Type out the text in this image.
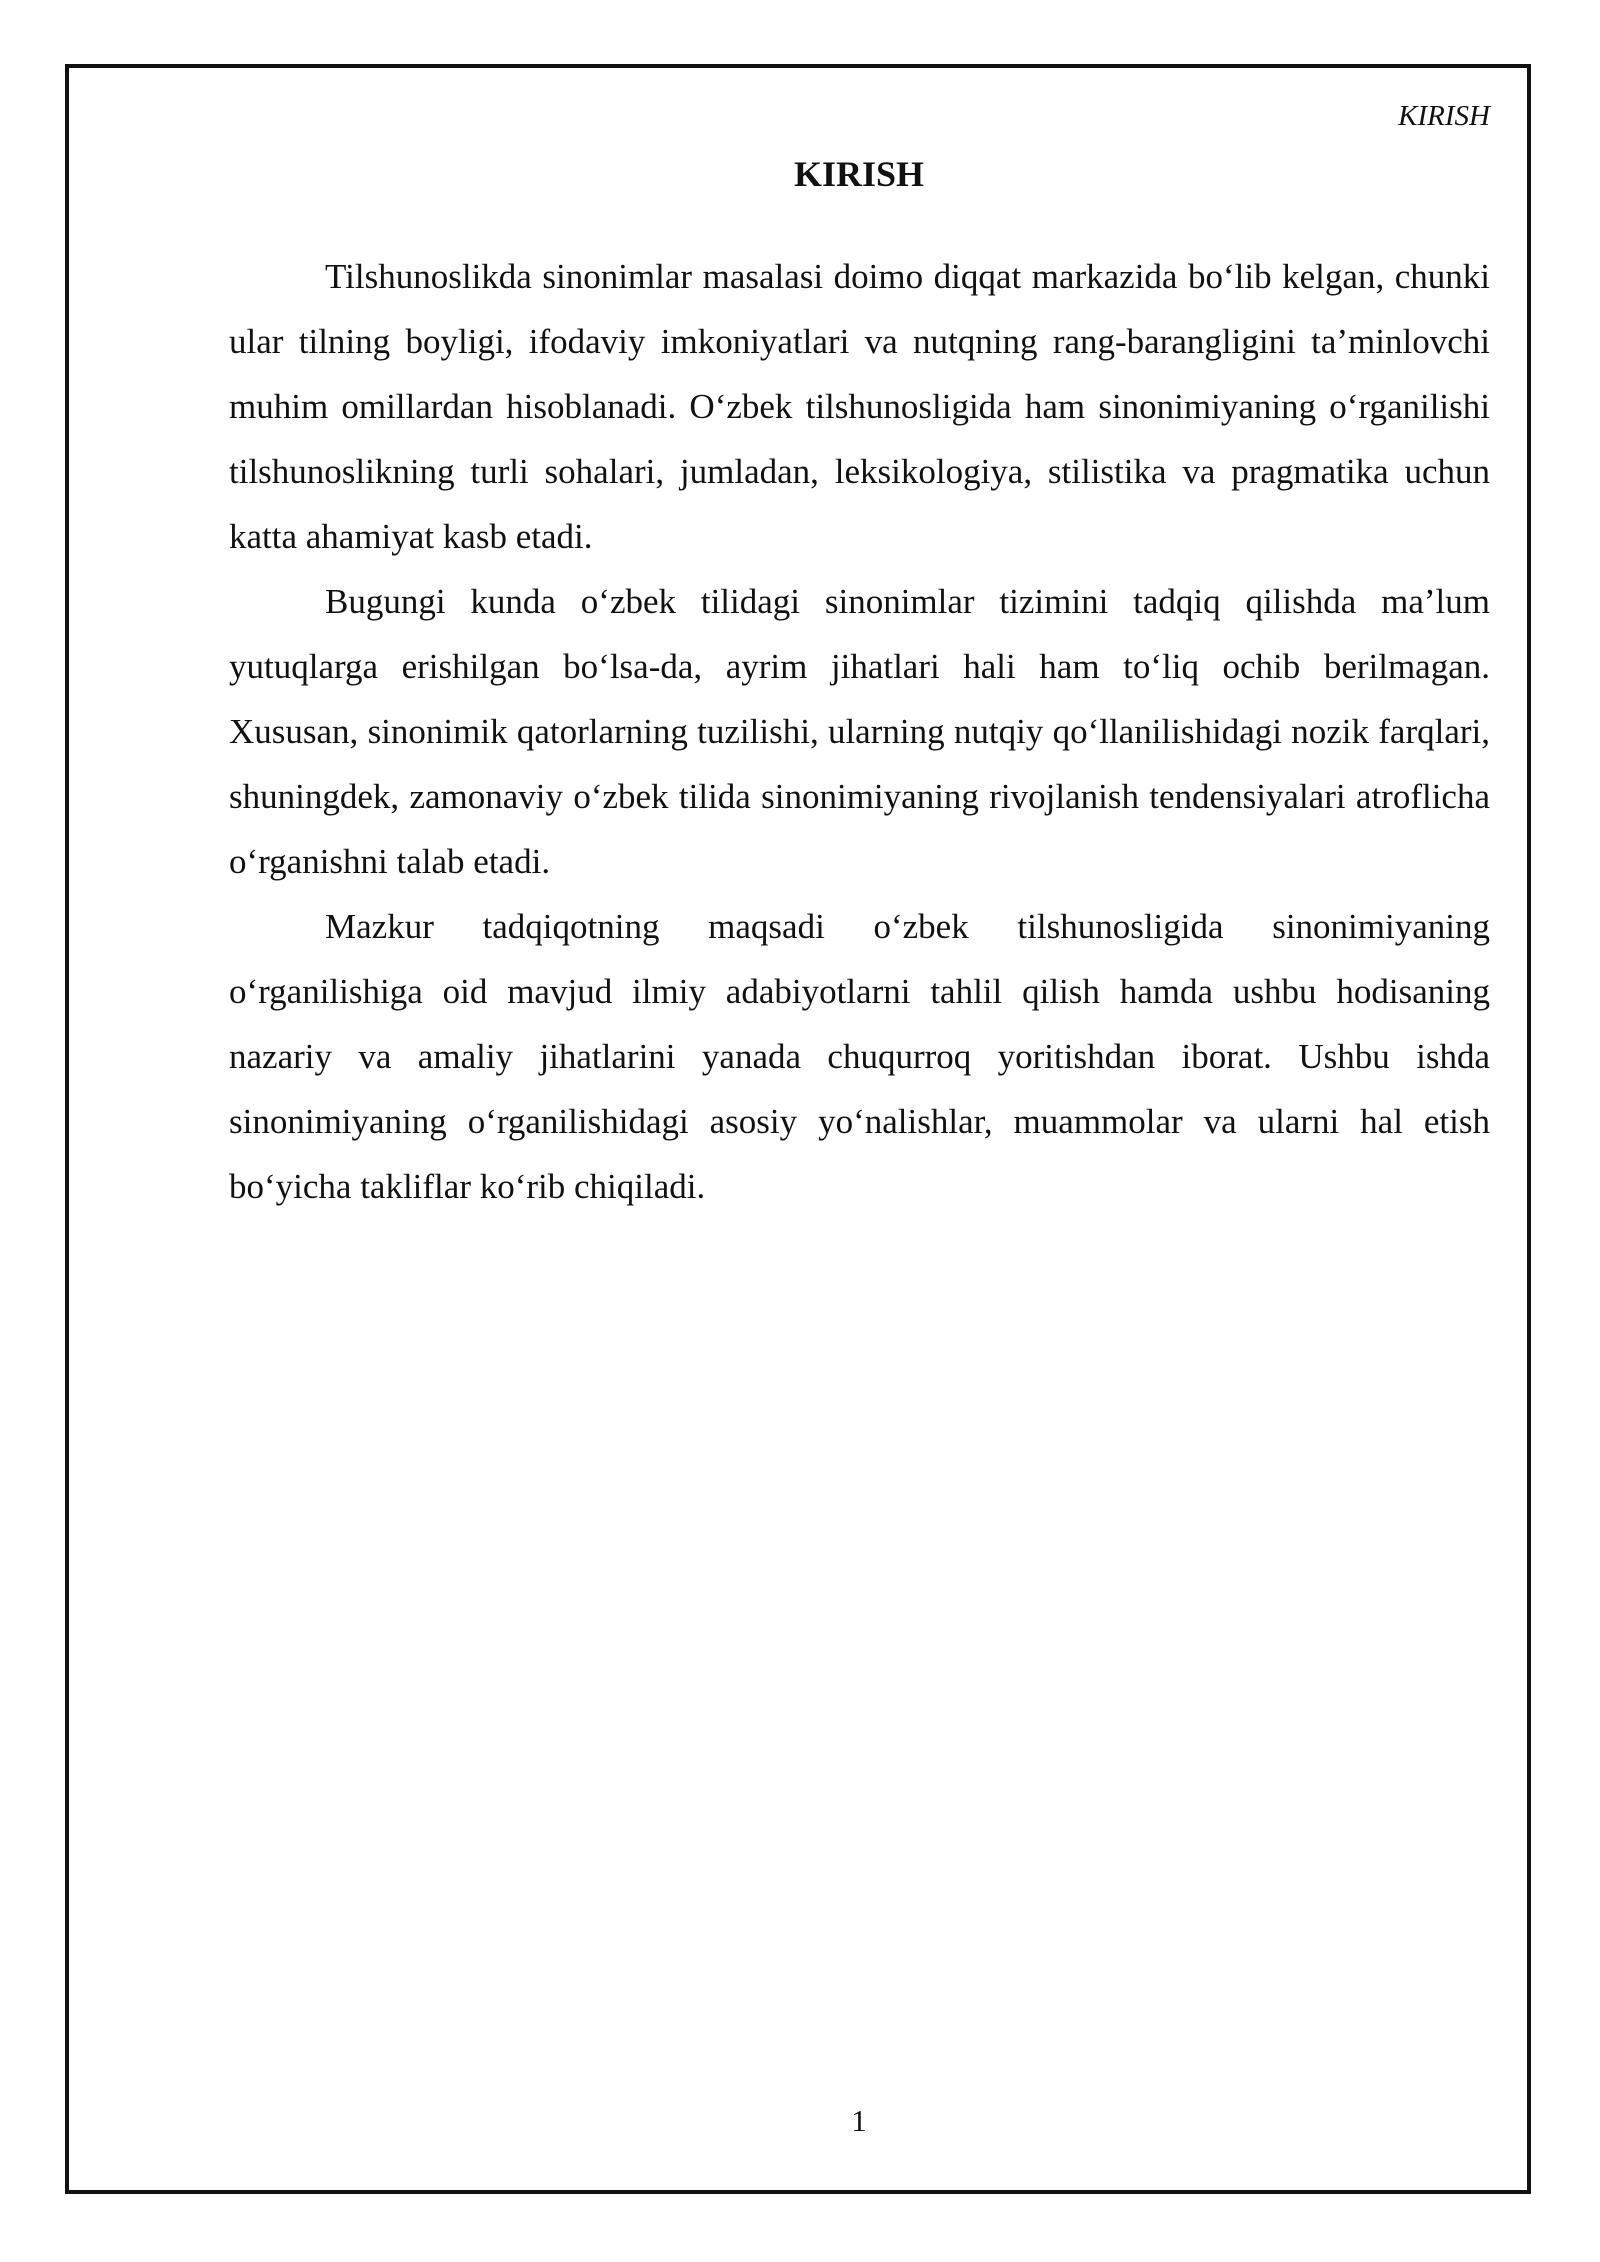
KIRISH
KIRISH

Tilshunoslikda sinonimlar masalasi doimo diqqat markazida bo‘lib kelgan, chunki ular tilning boyligi, ifodaviy imkoniyatlari va nutqning rang-barangligini ta’minlovchi muhim omillardan hisoblanadi. O‘zbek tilshunosligida ham sinonimiyaning o‘rganilishi tilshunoslikning turli sohalari, jumladan, leksikologiya, stilistika va pragmatika uchun katta ahamiyat kasb etadi.

Bugungi kunda o‘zbek tilidagi sinonimlar tizimini tadqiq qilishda ma’lum yutuqlarga erishilgan bo‘lsa-da, ayrim jihatlari hali ham to‘liq ochib berilmagan. Xususan, sinonimik qatorlarning tuzilishi, ularning nutqiy qo‘llanilishidagi nozik farqlari, shuningdek, zamonaviy o‘zbek tilida sinonimiyaning rivojlanish tendensiyalari atroflicha o‘rganishni talab etadi.

Mazkur tadqiqotning maqsadi o‘zbek tilshunosligida sinonimiyaning o‘rganilishiga oid mavjud ilmiy adabiyotlarni tahlil qilish hamda ushbu hodisaning nazariy va amaliy jihatlarini yanada chuqurroq yoritishdan iborat. Ushbu ishda sinonimiyaning o‘rganilishidagi asosiy yo‘nalishlar, muammolar va ularni hal etish bo‘yicha takliflar ko‘rib chiqiladi.

1
